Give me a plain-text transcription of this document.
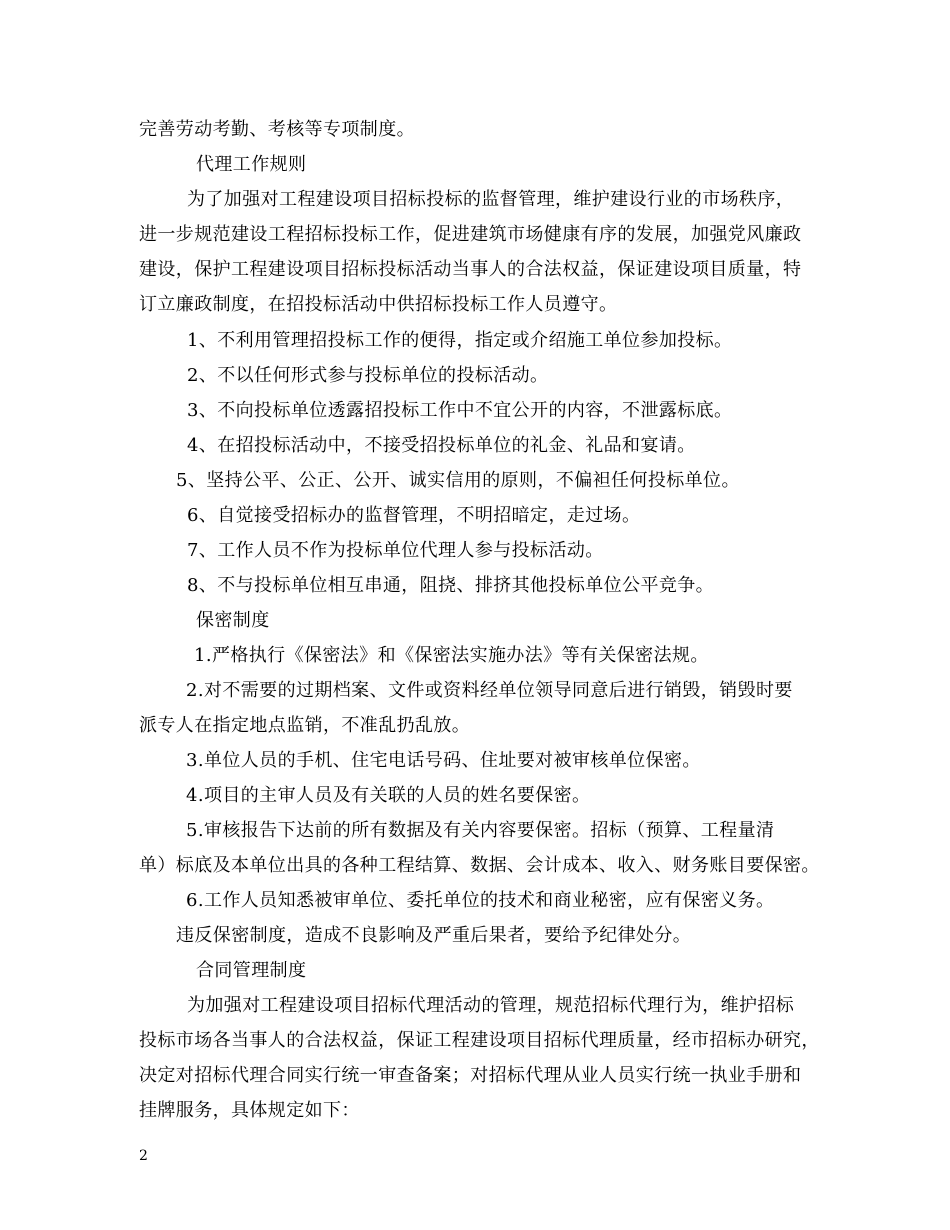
完善劳动考勤、考核等专项制度。
代理工作规则
为了加强对工程建设项目招标投标的监督管理，维护建设行业的市场秩序，
进一步规范建设工程招标投标工作，促进建筑市场健康有序的发展，加强党风廉政
建设，保护工程建设项目招标投标活动当事人的合法权益，保证建设项目质量，特
订立廉政制度，在招投标活动中供招标投标工作人员遵守。
1、不利用管理招投标工作的便得，指定或介绍施工单位参加投标。
2、不以任何形式参与投标单位的投标活动。
3、不向投标单位透露招投标工作中不宜公开的内容，不泄露标底。
4、在招投标活动中，不接受招投标单位的礼金、礼品和宴请。
5、坚持公平、公正、公开、诚实信用的原则，不偏袒任何投标单位。
6、自觉接受招标办的监督管理，不明招暗定，走过场。
7、工作人员不作为投标单位代理人参与投标活动。
8、不与投标单位相互串通，阻挠、排挤其他投标单位公平竞争。
保密制度
1.严格执行《保密法》和《保密法实施办法》等有关保密法规。
2.对不需要的过期档案、文件或资料经单位领导同意后进行销毁，销毁时要
派专人在指定地点监销，不准乱扔乱放。
3.单位人员的手机、住宅电话号码、住址要对被审核单位保密。
4.项目的主审人员及有关联的人员的姓名要保密。
5.审核报告下达前的所有数据及有关内容要保密。招标（预算、工程量清
单）标底及本单位出具的各种工程结算、数据、会计成本、收入、财务账目要保密。
6.工作人员知悉被审单位、委托单位的技术和商业秘密，应有保密义务。
违反保密制度，造成不良影响及严重后果者，要给予纪律处分。
合同管理制度
为加强对工程建设项目招标代理活动的管理，规范招标代理行为，维护招标
投标市场各当事人的合法权益，保证工程建设项目招标代理质量，经市招标办研究，
决定对招标代理合同实行统一审查备案；对招标代理从业人员实行统一执业手册和
挂牌服务，具体规定如下：
2
